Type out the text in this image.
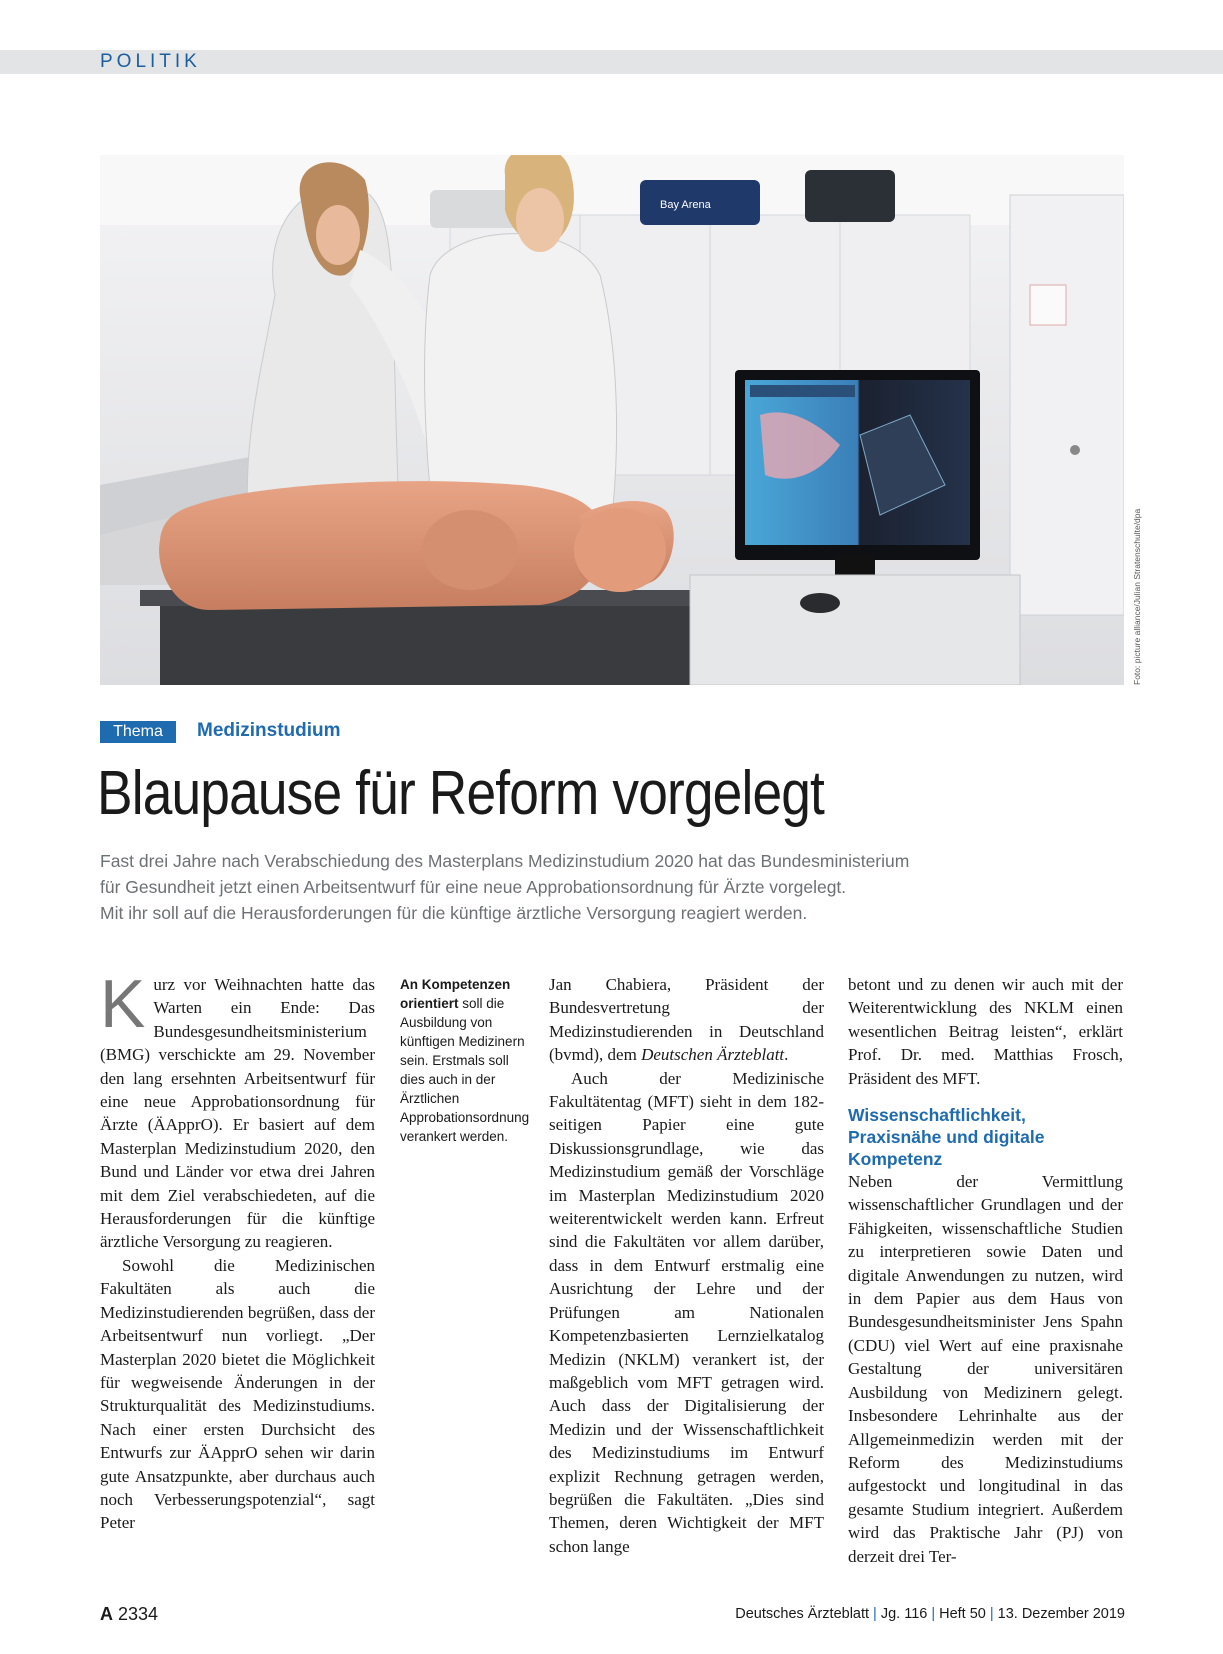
POLITIK
Bay Arena
Foto: picture alliance/Julian Stratenschulte/dpa
Thema	Medizinstudium
Blaupause für Reform vorgelegt
Fast drei Jahre nach Verabschiedung des Masterplans Medizinstudium 2020 hat das Bundesministerium
für Gesundheit jetzt einen Arbeitsentwurf für eine neue Approbationsordnung für Ärzte vorgelegt.
Mit ihr soll auf die Herausforderungen für die künftige ärztliche Versorgung reagiert werden.

Kurz vor Weihnachten hatte das Warten ein Ende: Das Bundesgesundheitsministerium (BMG) verschickte am 29. November den lang ersehnten Arbeitsentwurf für eine neue Approbationsordnung für Ärzte (ÄApprO). Er basiert auf dem Masterplan Medizinstudium 2020, den Bund und Länder vor etwa drei Jahren mit dem Ziel verabschiedeten, auf die Herausforderungen für die künftige ärztliche Versorgung zu reagieren.

Sowohl die Medizinischen Fakultäten als auch die Medizinstudierenden begrüßen, dass der Arbeitsentwurf nun vorliegt. „Der Masterplan 2020 bietet die Möglichkeit für wegweisende Änderungen in der Strukturqualität des Medizinstudiums. Nach einer ersten Durchsicht des Entwurfs zur ÄApprO sehen wir darin gute Ansatzpunkte, aber durchaus auch noch Verbesserungspotenzial“, sagt Peter

An Kompetenzen orientiert soll die Ausbildung von künftigen Medizinern sein. Erstmals soll dies auch in der Ärztlichen Approbationsordnung verankert werden.

Jan Chabiera, Präsident der Bundesvertretung der Medizinstudierenden in Deutschland (bvmd), dem Deutschen Ärzteblatt.

Auch der Medizinische Fakultätentag (MFT) sieht in dem 182-seitigen Papier eine gute Diskussionsgrundlage, wie das Medizinstudium gemäß der Vorschläge im Masterplan Medizinstudium 2020 weiterentwickelt werden kann. Erfreut sind die Fakultäten vor allem darüber, dass in dem Entwurf erstmalig eine Ausrichtung der Lehre und der Prüfungen am Nationalen Kompetenzbasierten Lernzielkatalog Medizin (NKLM) verankert ist, der maßgeblich vom MFT getragen wird. Auch dass der Digitalisierung der Medizin und der Wissenschaftlichkeit des Medizinstudiums im Entwurf explizit Rechnung getragen werden, begrüßen die Fakultäten. „Dies sind Themen, deren Wichtigkeit der MFT schon lange

betont und zu denen wir auch mit der Weiterentwicklung des NKLM einen wesentlichen Beitrag leisten“, erklärt Prof. Dr. med. Matthias Frosch, Präsident des MFT.

Wissenschaftlichkeit, Praxisnähe und digitale Kompetenz

Neben der Vermittlung wissenschaftlicher Grundlagen und der Fähigkeiten, wissenschaftliche Studien zu interpretieren sowie Daten und digitale Anwendungen zu nutzen, wird in dem Papier aus dem Haus von Bundesgesundheitsminister Jens Spahn (CDU) viel Wert auf eine praxisnahe Gestaltung der universitären Ausbildung von Medizinern gelegt. Insbesondere Lehrinhalte aus der Allgemeinmedizin werden mit der Reform des Medizinstudiums aufgestockt und longitudinal in das gesamte Studium integriert. Außerdem wird das Praktische Jahr (PJ) von derzeit drei Ter-

A 2334	Deutsches Ärzteblatt | Jg. 116 | Heft 50 | 13. Dezember 2019
